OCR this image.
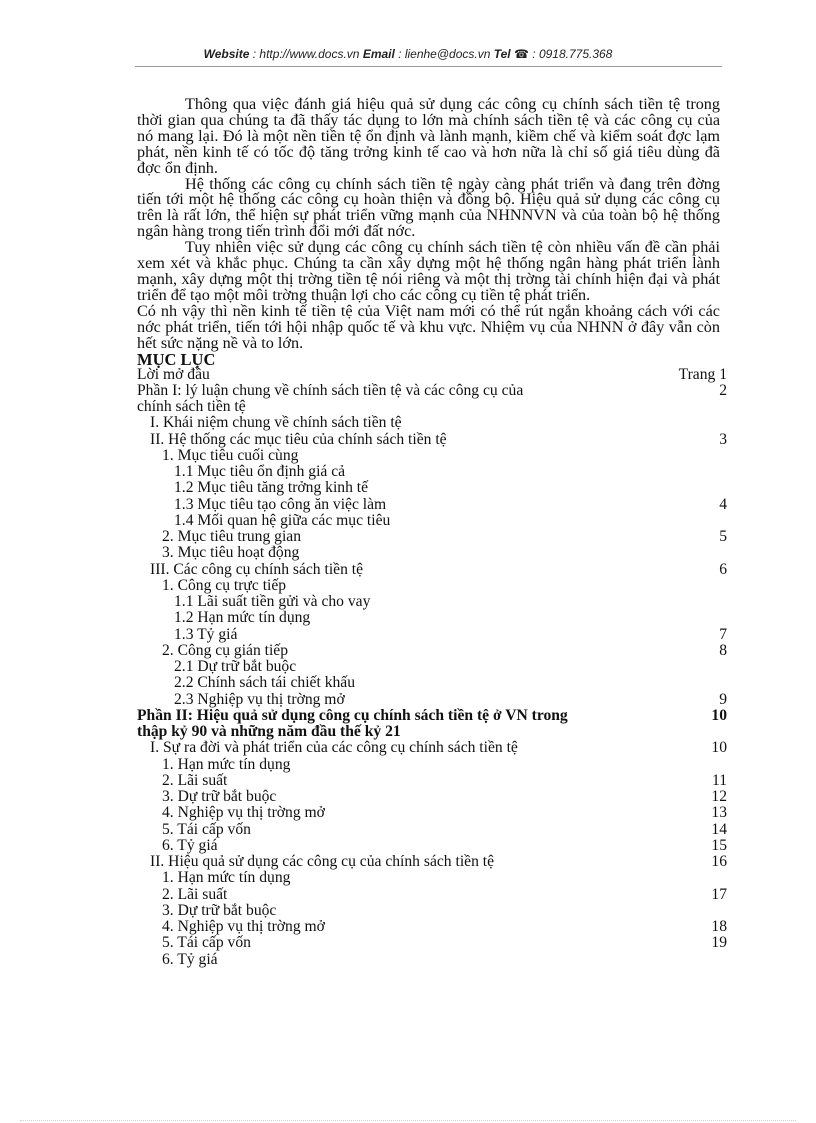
Website : http://www.docs.vn Email : lienhe@docs.vn Tel ☎ : 0918.775.368

Thông qua việc đánh giá hiệu quả sử dụng các công cụ chính sách tiền tệ trong thời gian qua chúng ta đã thấy tác dụng to lớn mà chính sách tiền tệ và các công cụ của nó mang lại. Đó là một nền tiền tệ ổn định và lành mạnh, kiềm chế và kiểm soát đợc lạm phát, nền kinh tế có tốc độ tăng trởng kinh tế cao và hơn nữa là chỉ số giá tiêu dùng đã đợc ổn định.

Hệ thống các công cụ chính sách tiền tệ ngày càng phát triển và đang trên đờng tiến tới một hệ thống các công cụ hoàn thiện và đồng bộ. Hiệu quả sử dụng các công cụ trên là rất lớn, thể hiện sự phát triển vững mạnh của NHNNVN và của toàn bộ hệ thống ngân hàng trong tiến trình đổi mới đất nớc.

Tuy nhiên việc sử dụng các công cụ chính sách tiền tệ còn nhiều vấn đề cần phải xem xét và khắc phục. Chúng ta cần xây dựng một hệ thống ngân hàng phát triển lành mạnh, xây dựng một thị trờng tiền tệ nói riêng và một thị trờng tài chính hiện đại và phát triển để tạo một môi trờng thuận lợi cho các công cụ tiền tệ phát triển.

Có nh vậy thì nền kinh tế tiền tệ của Việt nam mới có thể rút ngắn khoảng cách với các nớc phát triển, tiến tới hội nhập quốc tế và khu vực. Nhiệm vụ của NHNN ở đây vẫn còn hết sức nặng nề và to lớn.

MỤC LỤC
Lời mở đầu	Trang 1
Phần I: lý luận chung về chính sách tiền tệ và các công cụ của	2
chính sách tiền tệ
I. Khái niệm chung về chính sách tiền tệ
II. Hệ thống các mục tiêu của chính sách tiền tệ	3
1. Mục tiêu cuối cùng
1.1 Mục tiêu ổn định giá cả
1.2 Mục tiêu tăng trởng kinh tế
1.3 Mục tiêu tạo công ăn việc làm	4
1.4 Mối quan hệ giữa các mục tiêu
2. Mục tiêu trung gian	5
3. Mục tiêu hoạt động
III. Các công cụ chính sách tiền tệ	6
1. Công cụ trực tiếp
1.1 Lãi suất tiền gửi và cho vay
1.2 Hạn mức tín dụng
1.3 Tỷ giá	7
2. Công cụ gián tiếp	8
2.1 Dự trữ bắt buộc
2.2 Chính sách tái chiết khấu
2.3 Nghiệp vụ thị trờng mở	9
Phần II: Hiệu quả sử dụng công cụ chính sách tiền tệ ở VN trong	10
thập kỷ 90 và những năm đầu thế kỷ 21
I. Sự ra đời và phát triển của các công cụ chính sách tiền tệ	10
1. Hạn mức tín dụng
2. Lãi suất	11
3. Dự trữ bắt buộc	12
4. Nghiệp vụ thị trờng mở	13
5. Tái cấp vốn	14
6. Tỷ giá	15
II. Hiệu quả sử dụng các công cụ của chính sách tiền tệ	16
1. Hạn mức tín dụng
2. Lãi suất	17
3. Dự trữ bắt buộc
4. Nghiệp vụ thị trờng mở	18
5. Tái cấp vốn	19
6. Tỷ giá
